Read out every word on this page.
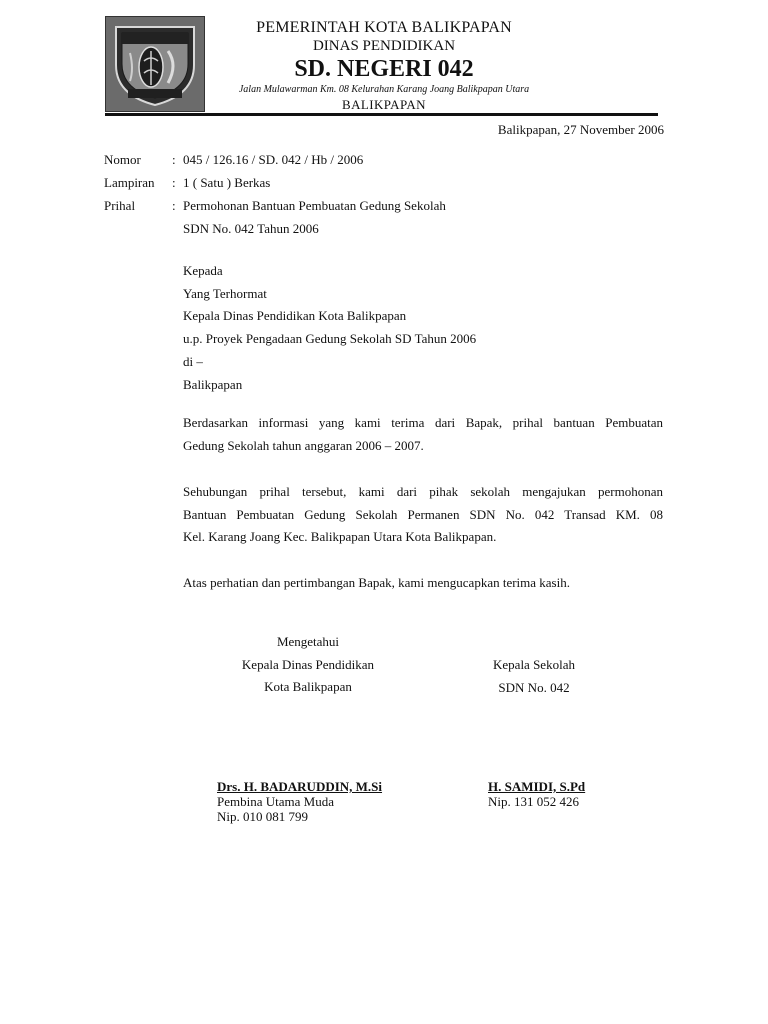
PEMERINTAH KOTA BALIKPAPAN
DINAS PENDIDIKAN
SD. NEGERI 042
Jalan Mulawarman Km. 08 Kelurahan Karang Joang Balikpapan Utara
BALIKPAPAN
Balikpapan, 27 November 2006
Nomor : 045 / 126.16 / SD. 042 / Hb / 2006
Lampiran : 1 ( Satu ) Berkas
Prihal	: Permohonan Bantuan Pembuatan Gedung Sekolah
SDN No. 042 Tahun 2006
Kepada
Yang Terhormat
Kepala Dinas Pendidikan Kota Balikpapan
u.p. Proyek Pengadaan Gedung Sekolah SD Tahun 2006
di –
Balikpapan
Berdasarkan informasi yang kami terima dari Bapak, prihal bantuan Pembuatan
Gedung Sekolah tahun anggaran 2006 – 2007.
Sehubungan prihal tersebut, kami dari pihak sekolah mengajukan permohonan
Bantuan Pembuatan Gedung Sekolah Permanen SDN No. 042 Transad KM. 08
Kel. Karang Joang Kec. Balikpapan Utara Kota Balikpapan.
Atas perhatian dan pertimbangan Bapak, kami mengucapkan terima kasih.
Mengetahui
Kepala Dinas Pendidikan
Kota Balikpapan
Kepala Sekolah
SDN No. 042
Drs. H. BADARUDDIN, M.Si
Pembina Utama Muda
Nip. 010 081 799
H. SAMIDI, S.Pd
Nip. 131 052 426
